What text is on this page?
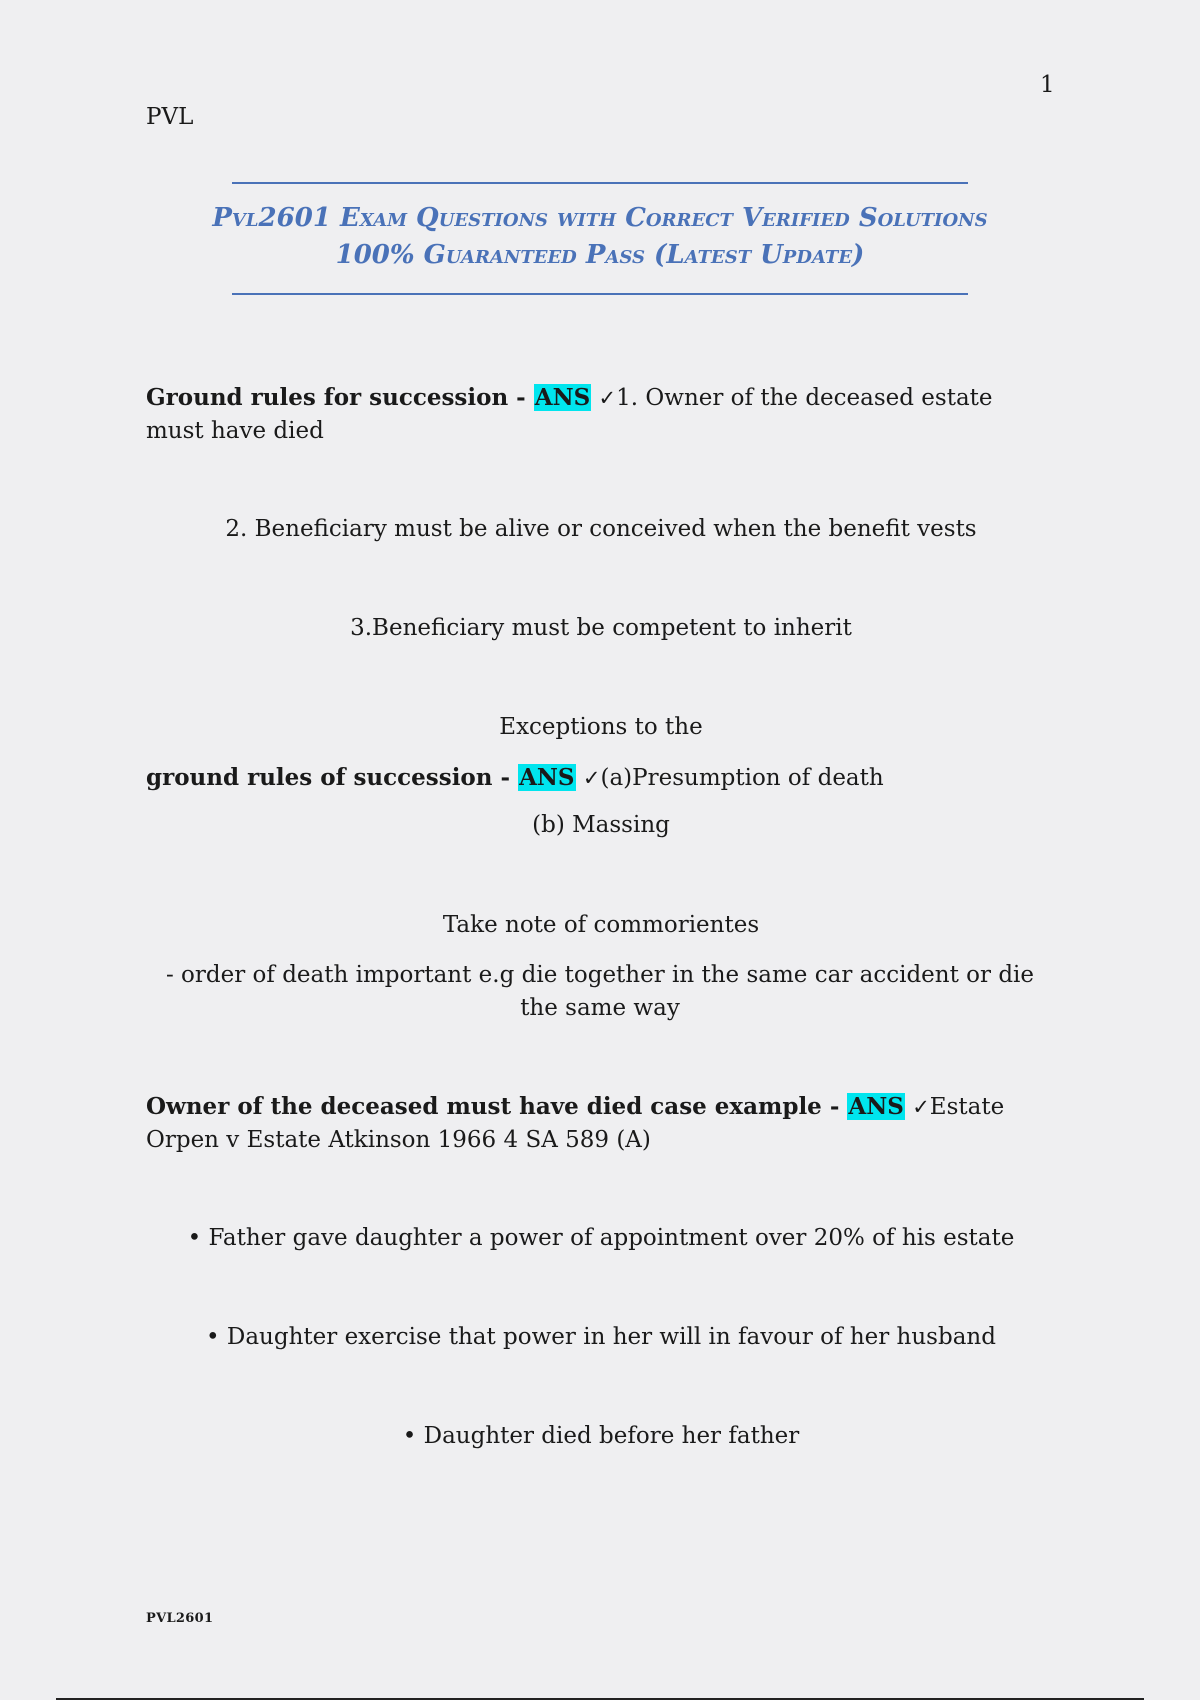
1
PVL
Pvl2601 Exam Questions with Correct Verified Solutions
100% Guaranteed Pass (Latest Update)
Ground rules for succession - ANS ✓1. Owner of the deceased estate must have died
2. Beneficiary must be alive or conceived when the benefit vests
3.Beneficiary must be competent to inherit
Exceptions to the
ground rules of succession - ANS ✓(a)Presumption of death
(b) Massing
Take note of commorientes
- order of death important e.g die together in the same car accident or die the same way
Owner of the deceased must have died case example - ANS ✓Estate Orpen v Estate Atkinson 1966 4 SA 589 (A)
• Father gave daughter a power of appointment over 20% of his estate
• Daughter exercise that power in her will in favour of her husband
• Daughter died before her father
PVL2601
